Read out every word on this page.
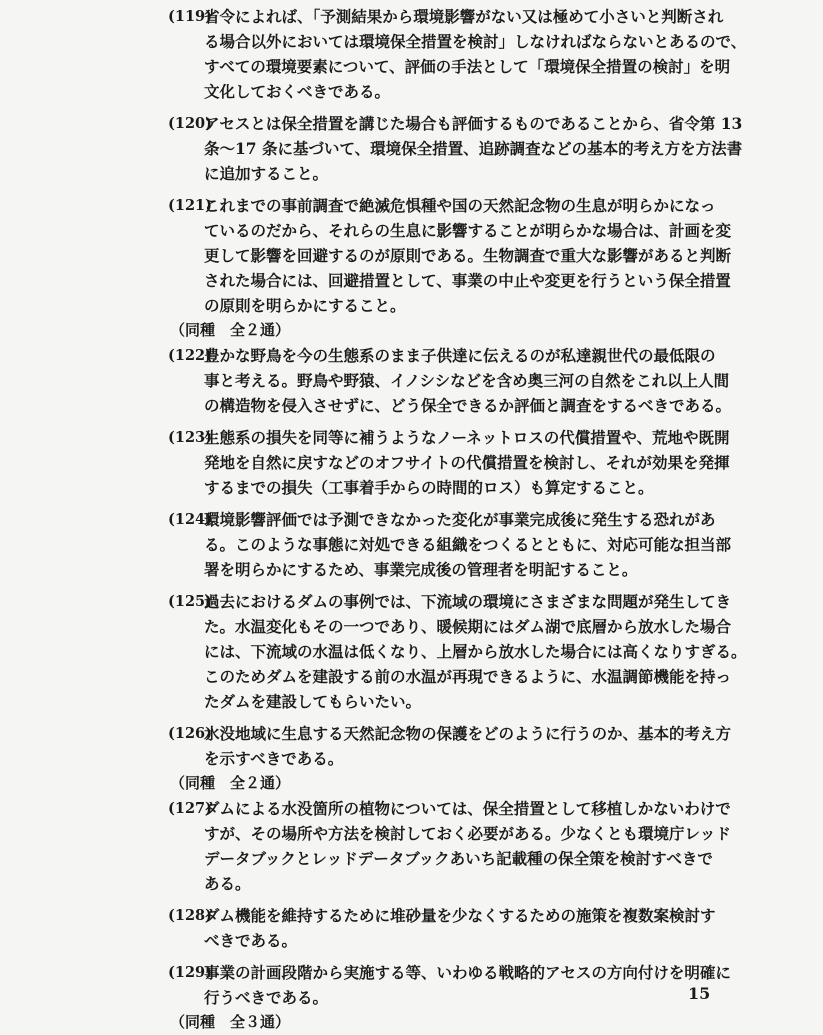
(119)
省令によれば、「予測結果から環境影響がない又は極めて小さいと判断され
る場合以外においては環境保全措置を検討」しなければならないとあるので、
すべての環境要素について、評価の手法として「環境保全措置の検討」を明
文化しておくべきである。
(120)
アセスとは保全措置を講じた場合も評価するものであることから、省令第 13
条～17 条に基づいて、環境保全措置、追跡調査などの基本的考え方を方法書
に追加すること。
(121)
これまでの事前調査で絶滅危惧種や国の天然記念物の生息が明らかになっ
ているのだから、それらの生息に影響することが明らかな場合は、計画を変
更して影響を回避するのが原則である。生物調査で重大な影響があると判断
された場合には、回避措置として、事業の中止や変更を行うという保全措置
の原則を明らかにすること。
（同種　全２通）
(122)
豊かな野鳥を今の生態系のまま子供達に伝えるのが私達親世代の最低限の
事と考える。野鳥や野猿、イノシシなどを含め奥三河の自然をこれ以上人間
の構造物を侵入させずに、どう保全できるか評価と調査をするべきである。
(123)
生態系の損失を同等に補うようなノーネットロスの代償措置や、荒地や既開
発地を自然に戻すなどのオフサイトの代償措置を検討し、それが効果を発揮
するまでの損失（工事着手からの時間的ロス）も算定すること。
(124)
環境影響評価では予測できなかった変化が事業完成後に発生する恐れがあ
る。このような事態に対処できる組織をつくるとともに、対応可能な担当部
署を明らかにするため、事業完成後の管理者を明記すること。
(125)
過去におけるダムの事例では、下流域の環境にさまざまな問題が発生してき
た。水温変化もその一つであり、暖候期にはダム湖で底層から放水した場合
には、下流域の水温は低くなり、上層から放水した場合には高くなりすぎる。
このためダムを建設する前の水温が再現できるように、水温調節機能を持っ
たダムを建設してもらいたい。
(126)
水没地域に生息する天然記念物の保護をどのように行うのか、基本的考え方
を示すべきである。
（同種　全２通）
(127)
ダムによる水没箇所の植物については、保全措置として移植しかないわけで
すが、その場所や方法を検討しておく必要がある。少なくとも環境庁レッド
データブックとレッドデータブックあいち記載種の保全策を検討すべきで
ある。
(128)
ダム機能を維持するために堆砂量を少なくするための施策を複数案検討す
べきである。
(129)
事業の計画段階から実施する等、いわゆる戦略的アセスの方向付けを明確に
行うべきである。
（同種　全３通）
15
